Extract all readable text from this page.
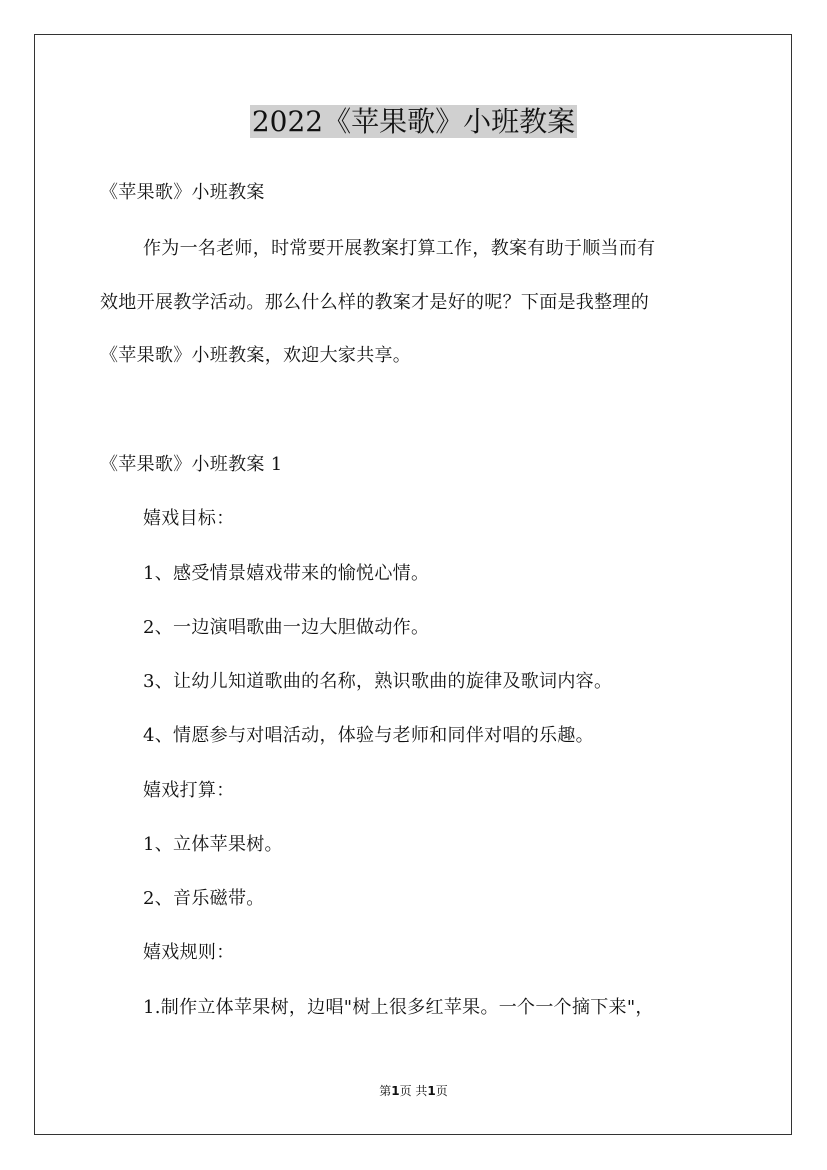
2022《苹果歌》小班教案
《苹果歌》小班教案
作为一名老师，时常要开展教案打算工作，教案有助于顺当而有
效地开展教学活动。那么什么样的教案才是好的呢？下面是我整理的
《苹果歌》小班教案，欢迎大家共享。
《苹果歌》小班教案 1
嬉戏目标：
1、感受情景嬉戏带来的愉悦心情。
2、一边演唱歌曲一边大胆做动作。
3、让幼儿知道歌曲的名称，熟识歌曲的旋律及歌词内容。
4、情愿参与对唱活动，体验与老师和同伴对唱的乐趣。
嬉戏打算：
1、立体苹果树。
2、音乐磁带。
嬉戏规则：
1.制作立体苹果树，边唱"树上很多红苹果。一个一个摘下来"，
第1页 共1页
